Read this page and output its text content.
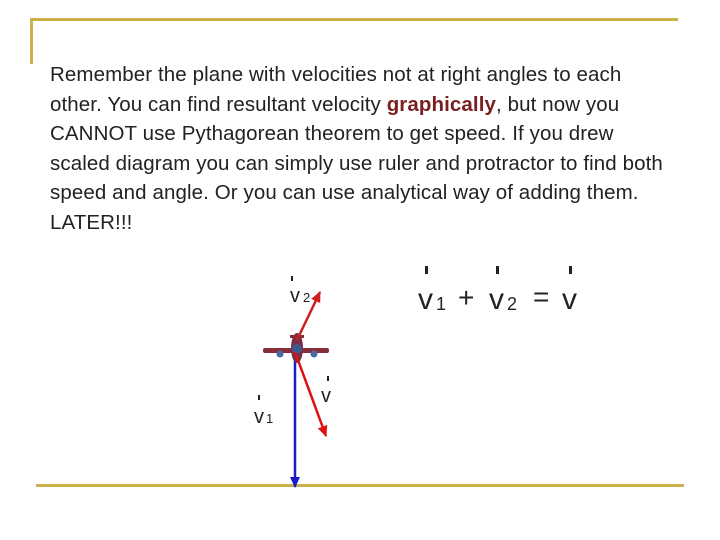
Remember the plane with velocities not at right angles to each other. You can find resultant velocity graphically, but now you CANNOT use Pythagorean theorem to get speed. If you drew scaled diagram you can simply use ruler and protractor to find both speed and angle. Or you can use analytical way of adding them. LATER!!!
v 2
v
v 1
v 1 + v 2 = v
